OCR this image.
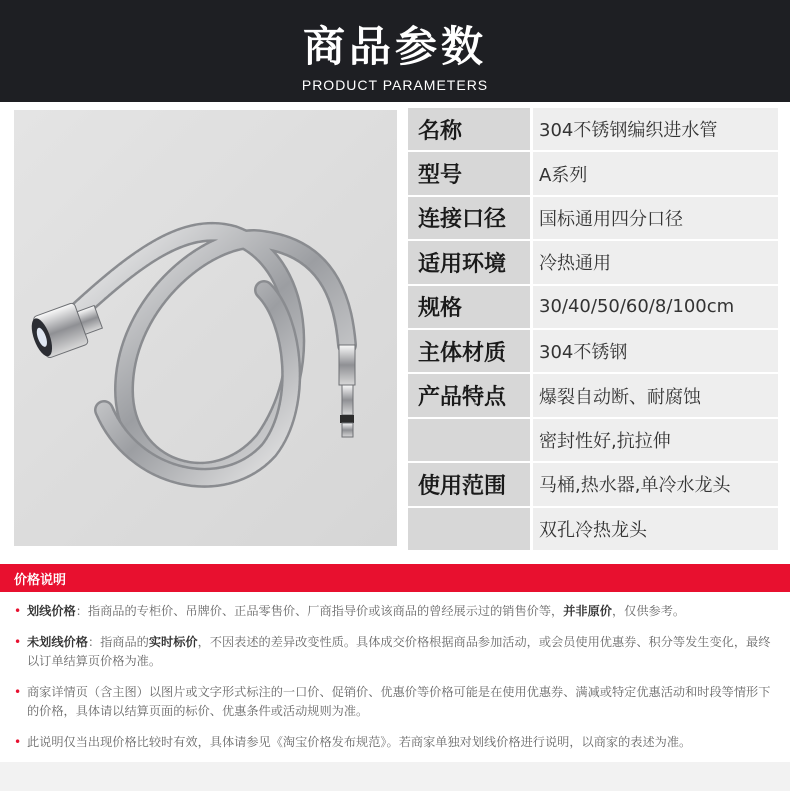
商品参数
PRODUCT PARAMETERS
名称	304不锈钢编织进水管
型号	A系列
连接口径	国标通用四分口径
适用环境	冷热通用
规格	30/40/50/60/8/100cm
主体材质	304不锈钢
产品特点	爆裂自动断、耐腐蚀
密封性好,抗拉伸
使用范围	马桶,热水器,单冷水龙头
双孔冷热龙头
价格说明
• 划线价格：指商品的专柜价、吊牌价、正品零售价、厂商指导价或该商品的曾经展示过的销售价等，并非原价，仅供参考。
• 未划线价格：指商品的实时标价，不因表述的差异改变性质。具体成交价格根据商品参加活动，或会员使用优惠券、积分等发生变化，最终以订单结算页价格为准。
• 商家详情页（含主图）以图片或文字形式标注的一口价、促销价、优惠价等价格可能是在使用优惠券、满减或特定优惠活动和时段等情形下的价格，具体请以结算页面的标价、优惠条件或活动规则为准。
• 此说明仅当出现价格比较时有效，具体请参见《淘宝价格发布规范》。若商家单独对划线价格进行说明，以商家的表述为准。
